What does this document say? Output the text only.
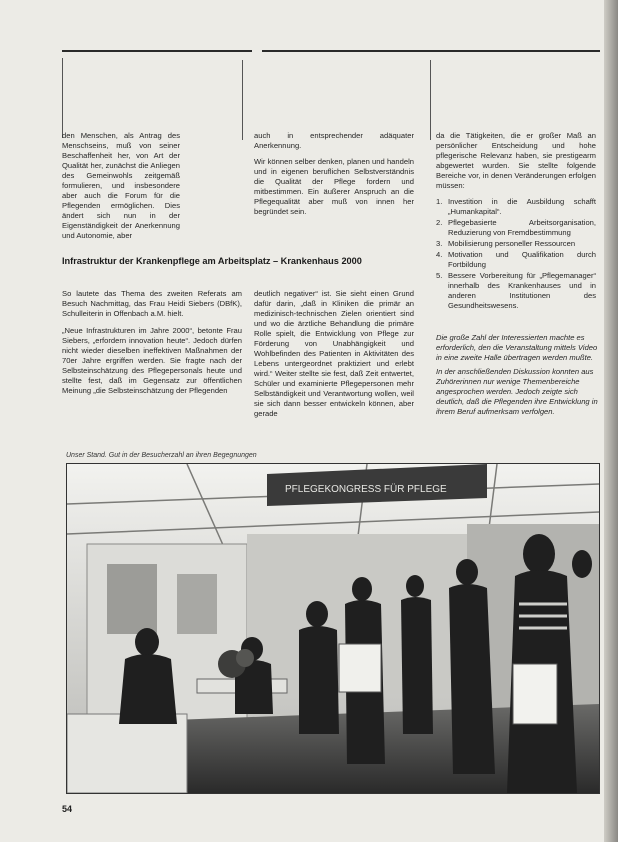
den Menschen, als Antrag des Menschseins, muß von seiner Beschaffenheit her, von Art der Qualität her, zunächst die Anliegen des Gemeinwohls zeitgemäß formulieren, und insbesondere aber auch die Forum für die Pflegenden ermöglichen. Dies ändert sich nun in der Eigenständigkeit der Anerkennung und Autonomie, aber

auch in entsprechender adäquater Anerkennung.

Wir können selber denken, planen und handeln und in eigenen beruflichen Selbstverständnis die Qualität der Pflege fordern und mitbestimmen. Ein äußerer Anspruch an die Pflegequalität aber muß von innen her begründet sein.

da die Tätigkeiten, die er großer Maß an persönlicher Entscheidung und hohe pflegerische Relevanz haben, sie prestigearm abgewertet wurden. Sie stellte folgende Bereiche vor, in denen Veränderungen erfolgen müssen:

1. Investition in die Ausbildung schafft „Humankapital“.
2. Pflegebasierte Arbeitsorganisation, Reduzierung von Fremdbestimmung
3. Mobilisierung personeller Ressourcen
4. Motivation und Qualifikation durch Fortbildung
5. Bessere Vorbereitung für „Pflegemanager“ innerhalb des Krankenhauses und in anderen Institutionen des Gesundheitswesens.
Infrastruktur der Krankenpflege am Arbeitsplatz – Krankenhaus 2000

So lautete das Thema des zweiten Referats am Besuch Nachmittag, das Frau Heidi Siebers (DBfK), Schulleiterin in Offenbach a.M. hielt.

„Neue Infrastrukturen im Jahre 2000“, betonte Frau Siebers, „erfordern innovation heute“. Jedoch dürfen nicht wieder dieselben ineffektiven Maßnahmen der 70er Jahre ergriffen werden. Sie fragte nach der Selbsteinschätzung des Pflegepersonals heute und stellte fest, daß im Gegensatz zur öffentlichen Meinung „die Selbsteinschätzung der Pflegenden

deutlich negativer“ ist. Sie sieht einen Grund dafür darin, „daß in Kliniken die primär an medizinisch-technischen Zielen orientiert sind und wo die ärztliche Behandlung die primäre Rolle spielt, die Entwicklung von Pflege zur Förderung von Unabhängigkeit und Wohlbefinden des Patienten in Aktivitäten des Lebens untergeordnet praktiziert und erlebt wird.“ Weiter stellte sie fest, daß Zeit entwertet, Schüler und examinierte Pflegepersonen mehr Selbständigkeit und Verantwortung wollen, weil sie sich dann besser entwickeln können, aber gerade

Die große Zahl der Interessierten machte es erforderlich, den die Veranstaltung mittels Video in eine zweite Halle übertragen werden mußte.

In der anschließenden Diskussion konnten aus Zuhörerinnen nur wenige Themenbereiche angesprochen werden. Jedoch zeigte sich deutlich, daß die Pflegenden ihre Entwicklung in ihrem Beruf aufmerksam verfolgen.

Unser Stand. Gut in der Besucherzahl an ihren Begegnungen
PFLEGEKONGRESS FÜR PFLEGE
54
